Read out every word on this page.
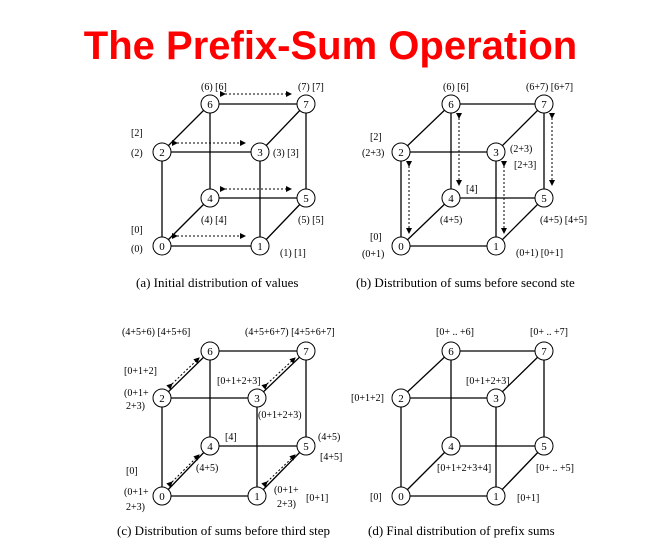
The Prefix-Sum Operation
6	7
2	3
4	5
0	1
(6) [6]	(7) [7]
[2]
(2)	(3) [3]
(4) [4]	(5) [5]
[0]
(0)	(1) [1]
(a) Initial distribution of values
6	7
2	3
4	5
0	1
(6) [6]	(6+7) [6+7]
[2]
(2+3)	(2+3)
[2+3]
[4]
(4+5)	(4+5) [4+5]
[0]
(0+1)	(0+1) [0+1]
(b) Distribution of sums before second ste
6	7
2	3
4	5
0	1
(4+5+6) [4+5+6]	(4+5+6+7) [4+5+6+7]
[0+1+2]
(0+1+
2+3)
[0+1+2+3]
(0+1+2+3)
[4]
(4+5)
(4+5)
[4+5]
[0]
(0+1+
2+3)
(0+1+
2+3)
[0+1]
(c) Distribution of sums before third step
6	7
2	3
4	5
0	1
[0+ .. +6]	[0+ .. +7]
[0+1+2]
[0+1+2+3]
[0+1+2+3+4]	[0+ .. +5]
[0]	[0+1]
(d) Final distribution of prefix sums
